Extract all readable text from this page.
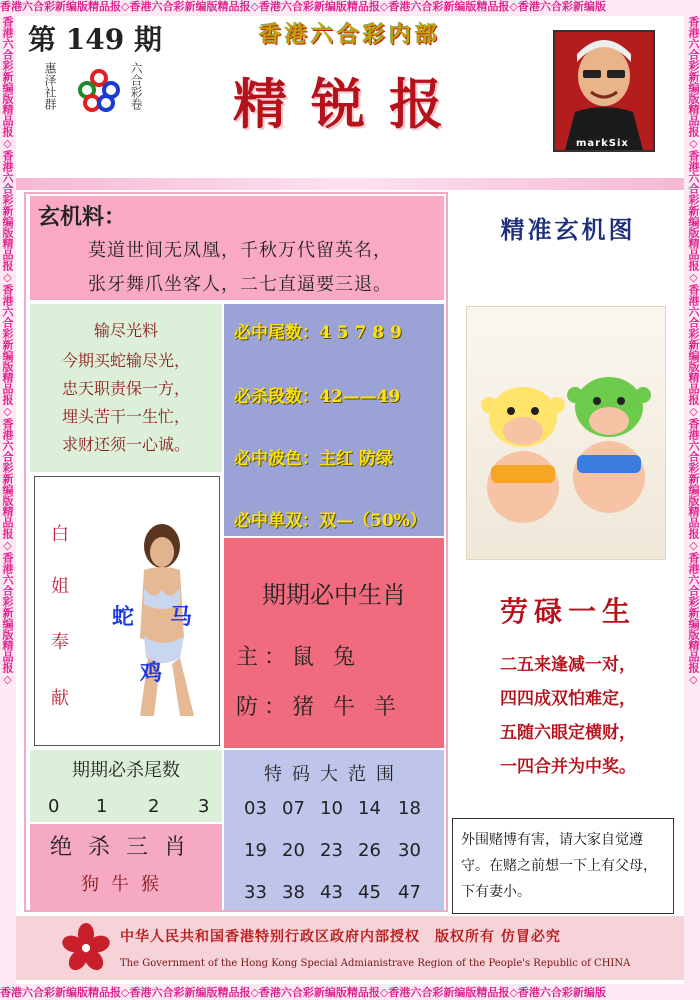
香港六合彩新编版精品报◇香港六合彩新编版精品报◇香港六合彩新编版精品报◇香港六合彩新编版精品报◇香港六合彩新编版
香港六合彩新编版精品报◇香港六合彩新编版精品报◇香港六合彩新编版精品报◇香港六合彩新编版精品报◇香港六合彩新编版
香港六合彩新编版精品报◇香港六合彩新编版精品报◇香港六合彩新编版精品报◇香港六合彩新编版精品报◇香港六合彩新编版精品报◇	香港六合彩新编版精品报◇香港六合彩新编版精品报◇香港六合彩新编版精品报◇香港六合彩新编版精品报◇香港六合彩新编版精品报◇
第 149 期
惠泽社群	六合彩卷
香港六合彩内部
精锐报
markSix
玄机料：
莫道世间无凤凰，千秋万代留英名，
张牙舞爪坐客人，二七直逼要三退。
输尽光料
今期买蛇输尽光，
忠天职责保一方，
埋头苦干一生忙，
求财还须一心诚。
必中尾数：4 5 7 8 9
必杀段数：42——49
必中波色：主红 防绿
必中单双：双—（50%）
白
姐
奉
献
蛇 马
鸡
期期必中生肖
主：鼠 兔
防：猪 牛 羊
期期必杀尾数
0 1 2 3
绝杀三肖
狗牛猴
特码大范围
03 07 10 14 18
19 20 23 26 30
33 38 43 45 47
精准玄机图
劳碌一生
二五来逢减一对，
四四成双怕难定，
五随六眼定横财，
一四合并为中奖。
外围赌博有害，请大家自觉遵守。在赌之前想一下上有父母，下有妻小。
中华人民共和国香港特别行政区政府内部授权　版权所有 仿冒必究
The Government of the Hong Kong Special Admianistrave Region of the People's Republic of CHINA
